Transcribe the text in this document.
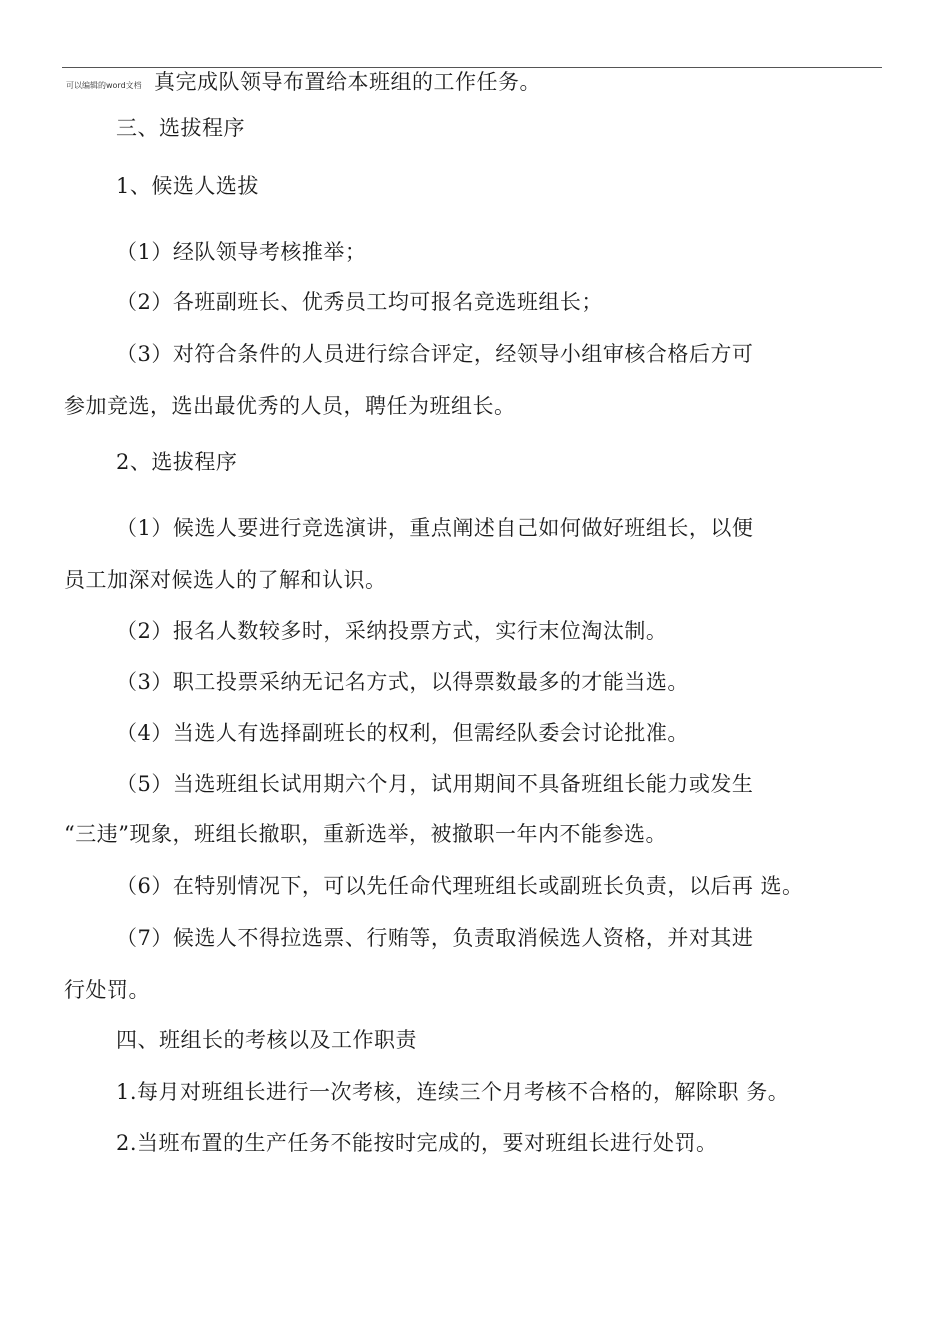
可以编辑的word文档 真完成队领导布置给本班组的工作任务。
三、选拔程序
1、候选人选拔
（1）经队领导考核推举；
（2）各班副班长、优秀员工均可报名竞选班组长；
（3）对符合条件的人员进行综合评定，经领导小组审核合格后方可
参加竞选，选出最优秀的人员，聘任为班组长。
2、选拔程序
（1）候选人要进行竞选演讲，重点阐述自己如何做好班组长，以便
员工加深对候选人的了解和认识。
（2）报名人数较多时，采纳投票方式，实行末位淘汰制。
（3）职工投票采纳无记名方式，以得票数最多的才能当选。
（4）当选人有选择副班长的权利，但需经队委会讨论批准。
（5）当选班组长试用期六个月，试用期间不具备班组长能力或发生
“三违”现象，班组长撤职，重新选举，被撤职一年内不能参选。
（6）在特别情况下，可以先任命代理班组长或副班长负责，以后再 选。
（7）候选人不得拉选票、行贿等，负责取消候选人资格，并对其进
行处罚。
四、班组长的考核以及工作职责
1.每月对班组长进行一次考核，连续三个月考核不合格的，解除职 务。
2.当班布置的生产任务不能按时完成的，要对班组长进行处罚。
